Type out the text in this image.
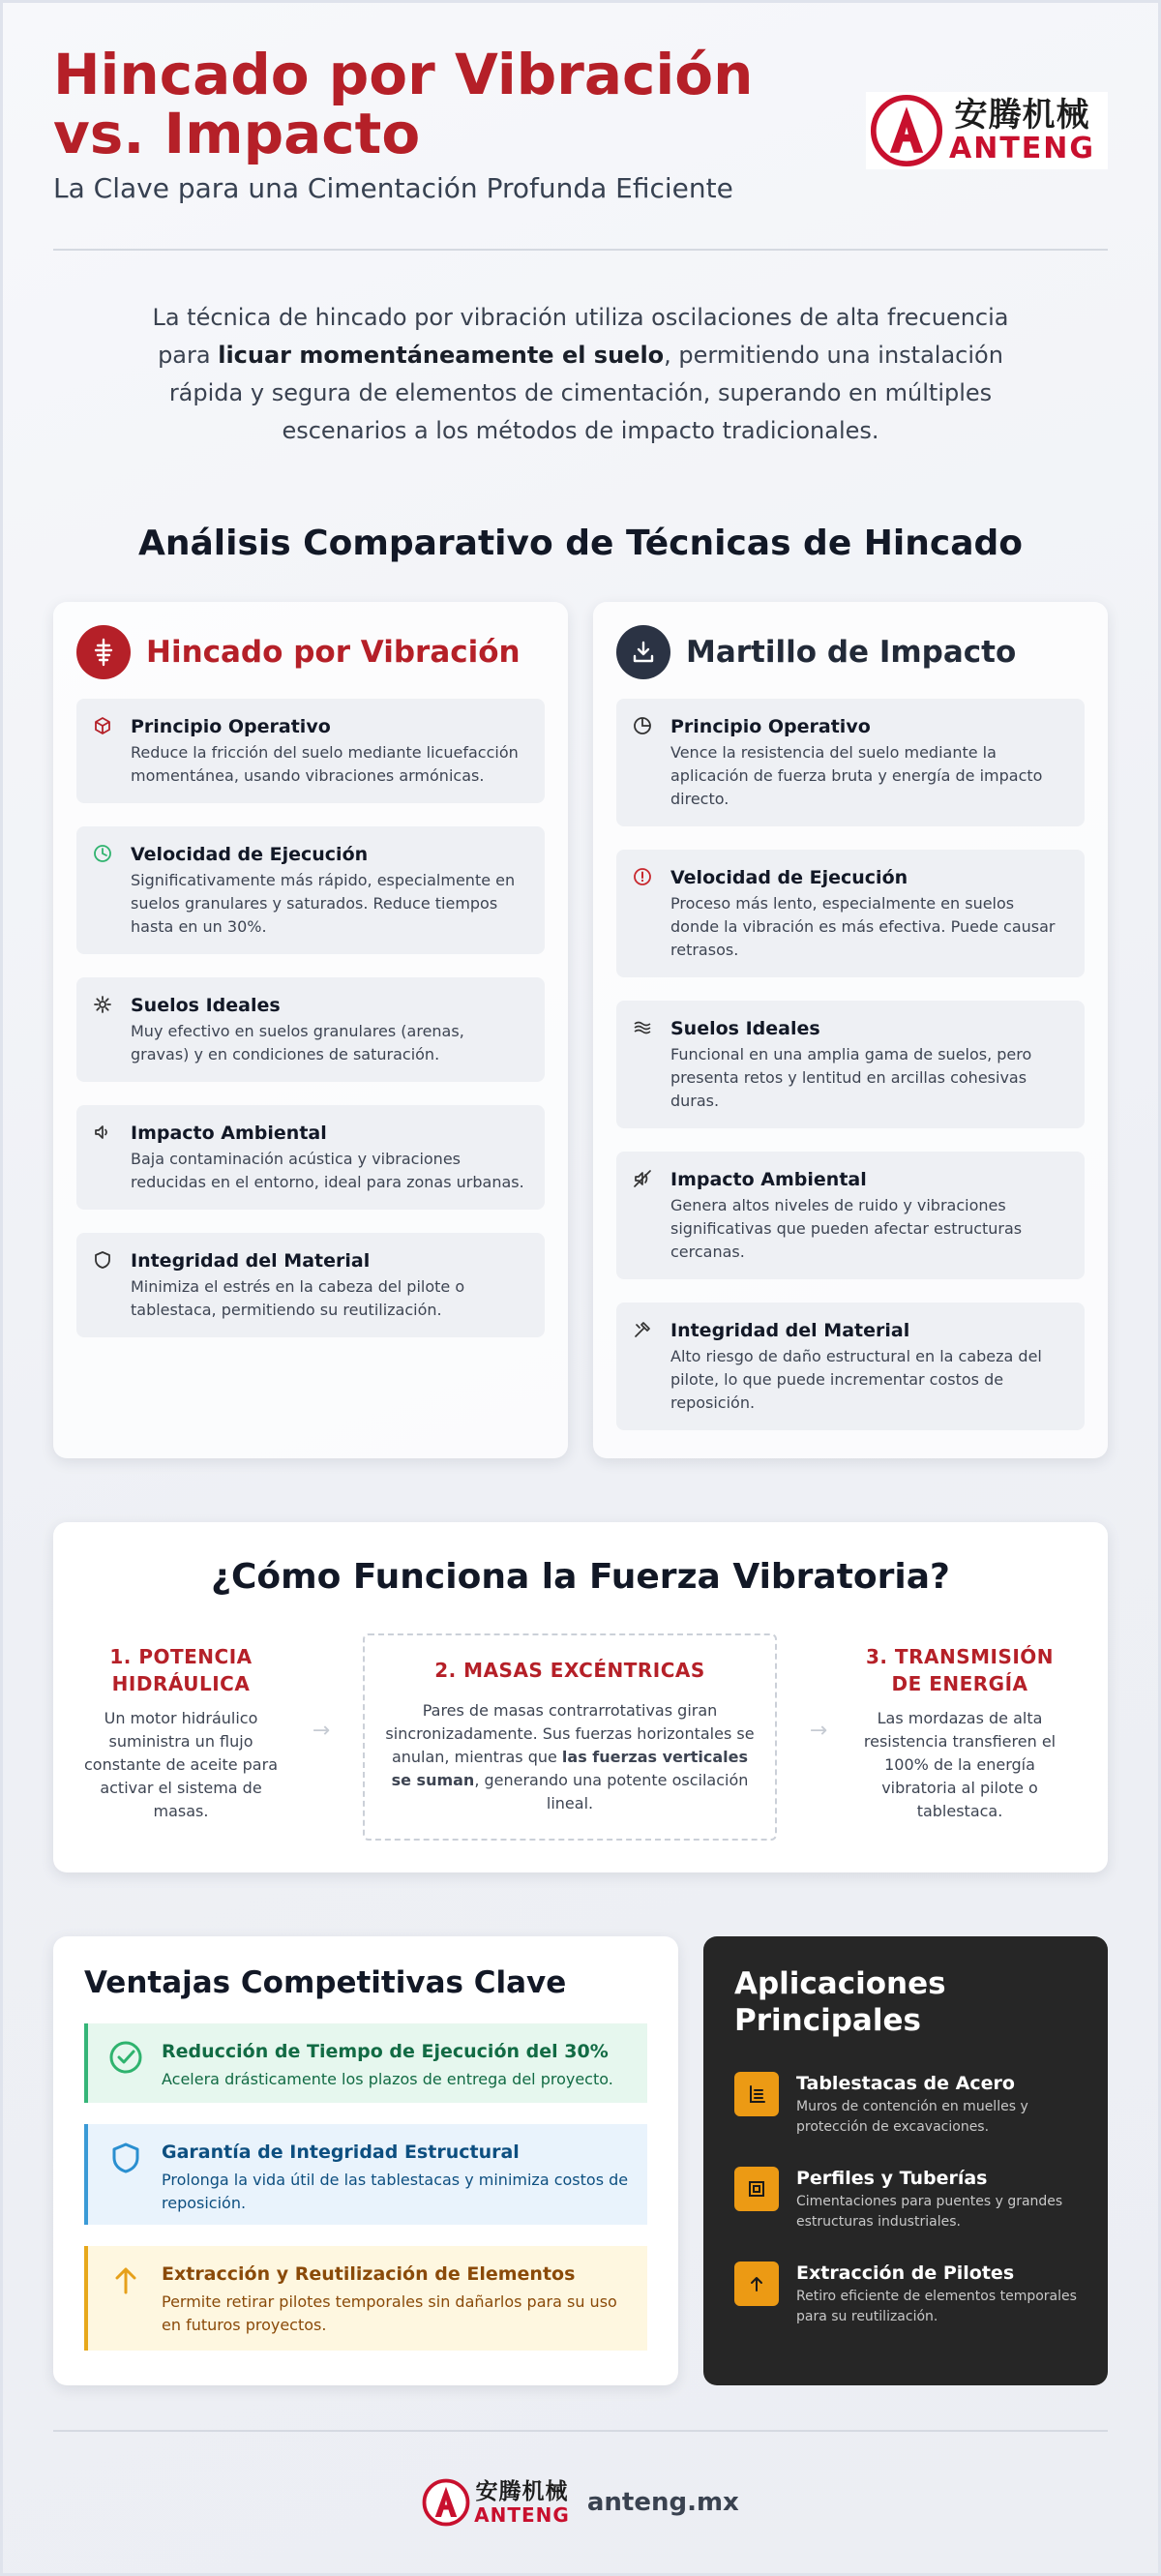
Hincado por Vibración vs. Impacto
La Clave para una Cimentación Profunda Eficiente
安腾机械
ANTENG

La técnica de hincado por vibración utiliza oscilaciones de alta frecuencia para licuar momentáneamente el suelo, permitiendo una instalación rápida y segura de elementos de cimentación, superando en múltiples escenarios a los métodos de impacto tradicionales.

Análisis Comparativo de Técnicas de Hincado
Hincado por Vibración
Principio Operativo
Reduce la fricción del suelo mediante licuefacción momentánea, usando vibraciones armónicas.
Velocidad de Ejecución
Significativamente más rápido, especialmente en suelos granulares y saturados. Reduce tiempos hasta en un 30%.
Suelos Ideales
Muy efectivo en suelos granulares (arenas, gravas) y en condiciones de saturación.
Impacto Ambiental
Baja contaminación acústica y vibraciones reducidas en el entorno, ideal para zonas urbanas.
Integridad del Material
Minimiza el estrés en la cabeza del pilote o tablestaca, permitiendo su reutilización.
Martillo de Impacto
Principio Operativo
Vence la resistencia del suelo mediante la aplicación de fuerza bruta y energía de impacto directo.
Velocidad de Ejecución
Proceso más lento, especialmente en suelos donde la vibración es más efectiva. Puede causar retrasos.
Suelos Ideales
Funcional en una amplia gama de suelos, pero presenta retos y lentitud en arcillas cohesivas duras.
Impacto Ambiental
Genera altos niveles de ruido y vibraciones significativas que pueden afectar estructuras cercanas.
Integridad del Material
Alto riesgo de daño estructural en la cabeza del pilote, lo que puede incrementar costos de reposición.
¿Cómo Funciona la Fuerza Vibratoria?
1. POTENCIA HIDRÁULICA
Un motor hidráulico suministra un flujo constante de aceite para activar el sistema de masas.
→
2. MASAS EXCÉNTRICAS
Pares de masas contrarrotativas giran sincronizadamente. Sus fuerzas horizontales se anulan, mientras que las fuerzas verticales se suman, generando una potente oscilación lineal.
→
3. TRANSMISIÓN DE ENERGÍA
Las mordazas de alta resistencia transfieren el 100% de la energía vibratoria al pilote o tablestaca.
Ventajas Competitivas Clave
Reducción de Tiempo de Ejecución del 30%
Acelera drásticamente los plazos de entrega del proyecto.
Garantía de Integridad Estructural
Prolonga la vida útil de las tablestacas y minimiza costos de reposición.
Extracción y Reutilización de Elementos
Permite retirar pilotes temporales sin dañarlos para su uso en futuros proyectos.
Aplicaciones Principales
Tablestacas de Acero
Muros de contención en muelles y protección de excavaciones.
Perfiles y Tuberías
Cimentaciones para puentes y grandes estructuras industriales.
Extracción de Pilotes
Retiro eficiente de elementos temporales para su reutilización.
安腾机械
ANTENG anteng.mx
